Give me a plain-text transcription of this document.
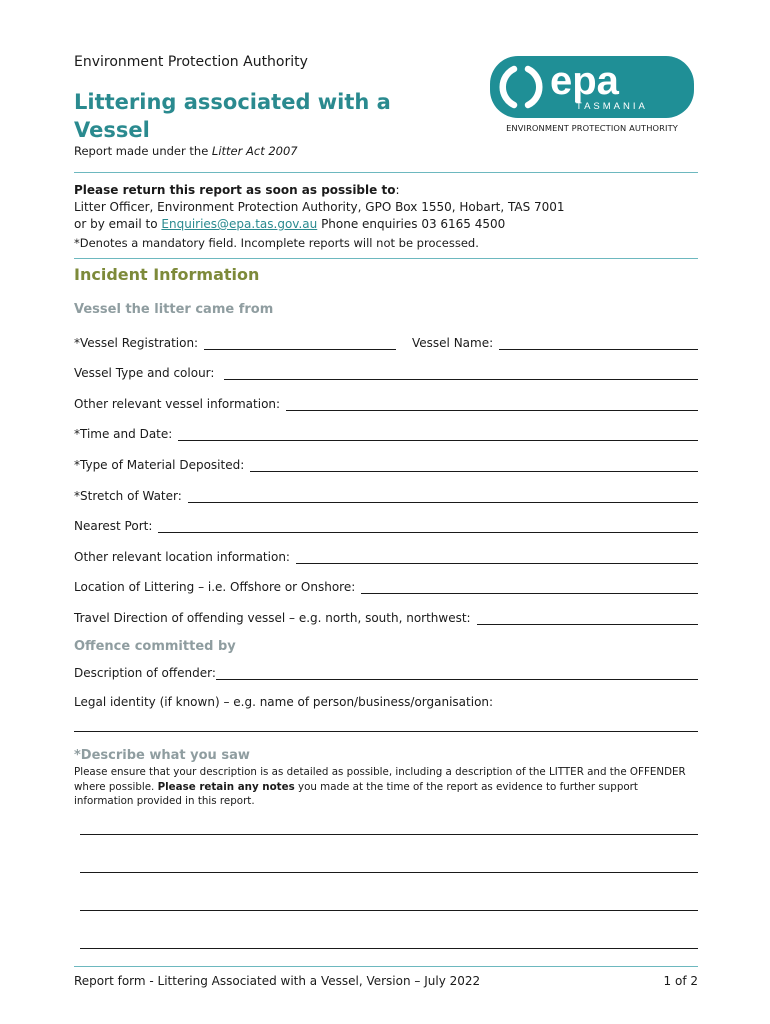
Environment Protection Authority
Littering associated with a
Vessel
Report made under the Litter Act 2007
epa
TASMANIA
ENVIRONMENT PROTECTION AUTHORITY
Please return this report as soon as possible to:
Litter Officer, Environment Protection Authority, GPO Box 1550, Hobart, TAS 7001
or by email to Enquiries@epa.tas.gov.au Phone enquiries 03 6165 4500
*Denotes a mandatory field. Incomplete reports will not be processed.
Incident Information
Vessel the litter came from
*Vessel Registration:	Vessel Name:
Vessel Type and colour:
Other relevant vessel information:
*Time and Date:
*Type of Material Deposited:
*Stretch of Water:
Nearest Port:
Other relevant location information:
Location of Littering – i.e. Offshore or Onshore:
Travel Direction of offending vessel – e.g. north, south, northwest:
Offence committed by
Description of offender:
Legal identity (if known) – e.g. name of person/business/organisation:
*Describe what you saw
Please ensure that your description is as detailed as possible, including a description of the LITTER and the OFFENDER where possible. Please retain any notes you made at the time of the report as evidence to further support information provided in this report.
Report form - Littering Associated with a Vessel, Version – July 2022	1 of 2
